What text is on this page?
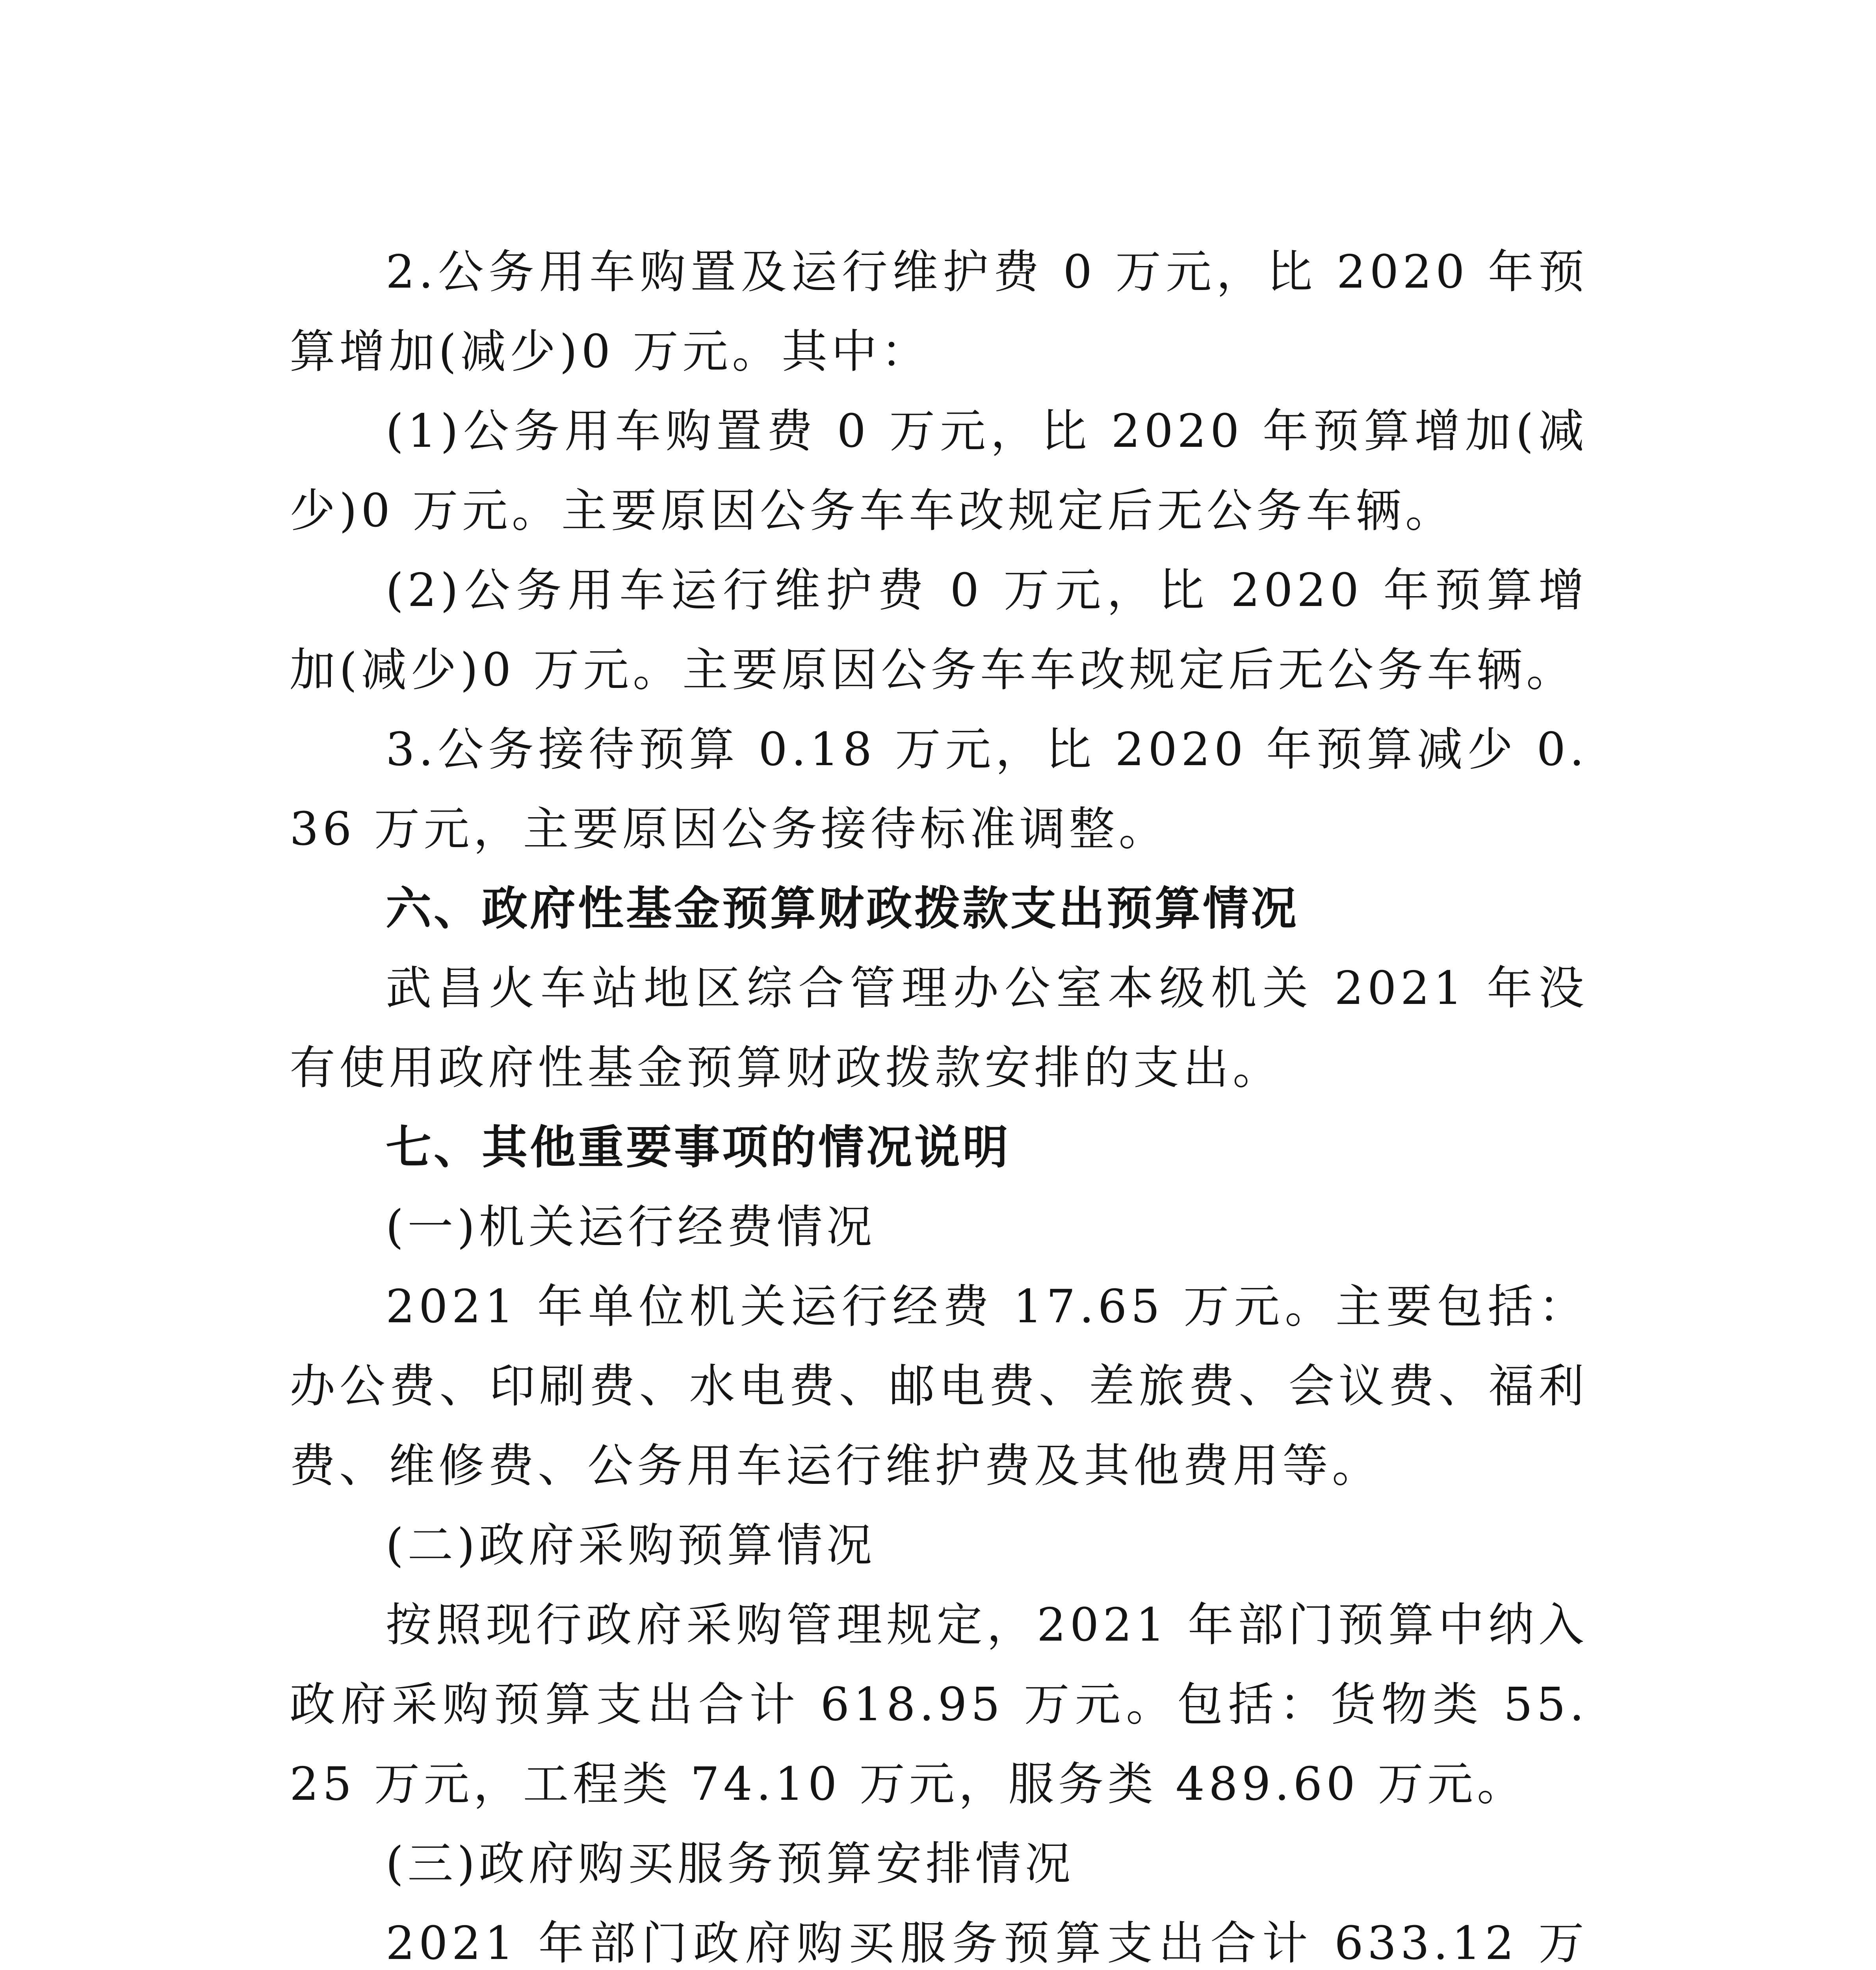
2.公务用车购置及运行维护费 0 万元，比 2020 年预算增加(减少)0 万元。其中：

(1)公务用车购置费 0 万元，比 2020 年预算增加(减少)0 万元。主要原因公务车车改规定后无公务车辆。

(2)公务用车运行维护费 0 万元，比 2020 年预算增加(减少)0 万元。主要原因公务车车改规定后无公务车辆。

3.公务接待预算 0.18 万元，比 2020 年预算减少 0.36 万元，主要原因公务接待标准调整。

六、政府性基金预算财政拨款支出预算情况

武昌火车站地区综合管理办公室本级机关 2021 年没有使用政府性基金预算财政拨款安排的支出。

七、其他重要事项的情况说明

(一)机关运行经费情况

2021 年单位机关运行经费 17.65 万元。主要包括：办公费、印刷费、水电费、邮电费、差旅费、会议费、福利费、维修费、公务用车运行维护费及其他费用等。

(二)政府采购预算情况

按照现行政府采购管理规定，2021 年部门预算中纳入政府采购预算支出合计 618.95 万元。包括：货物类 55.25 万元，工程类 74.10 万元，服务类 489.60 万元。

(三)政府购买服务预算安排情况

2021 年部门政府购买服务预算支出合计 633.12 万
